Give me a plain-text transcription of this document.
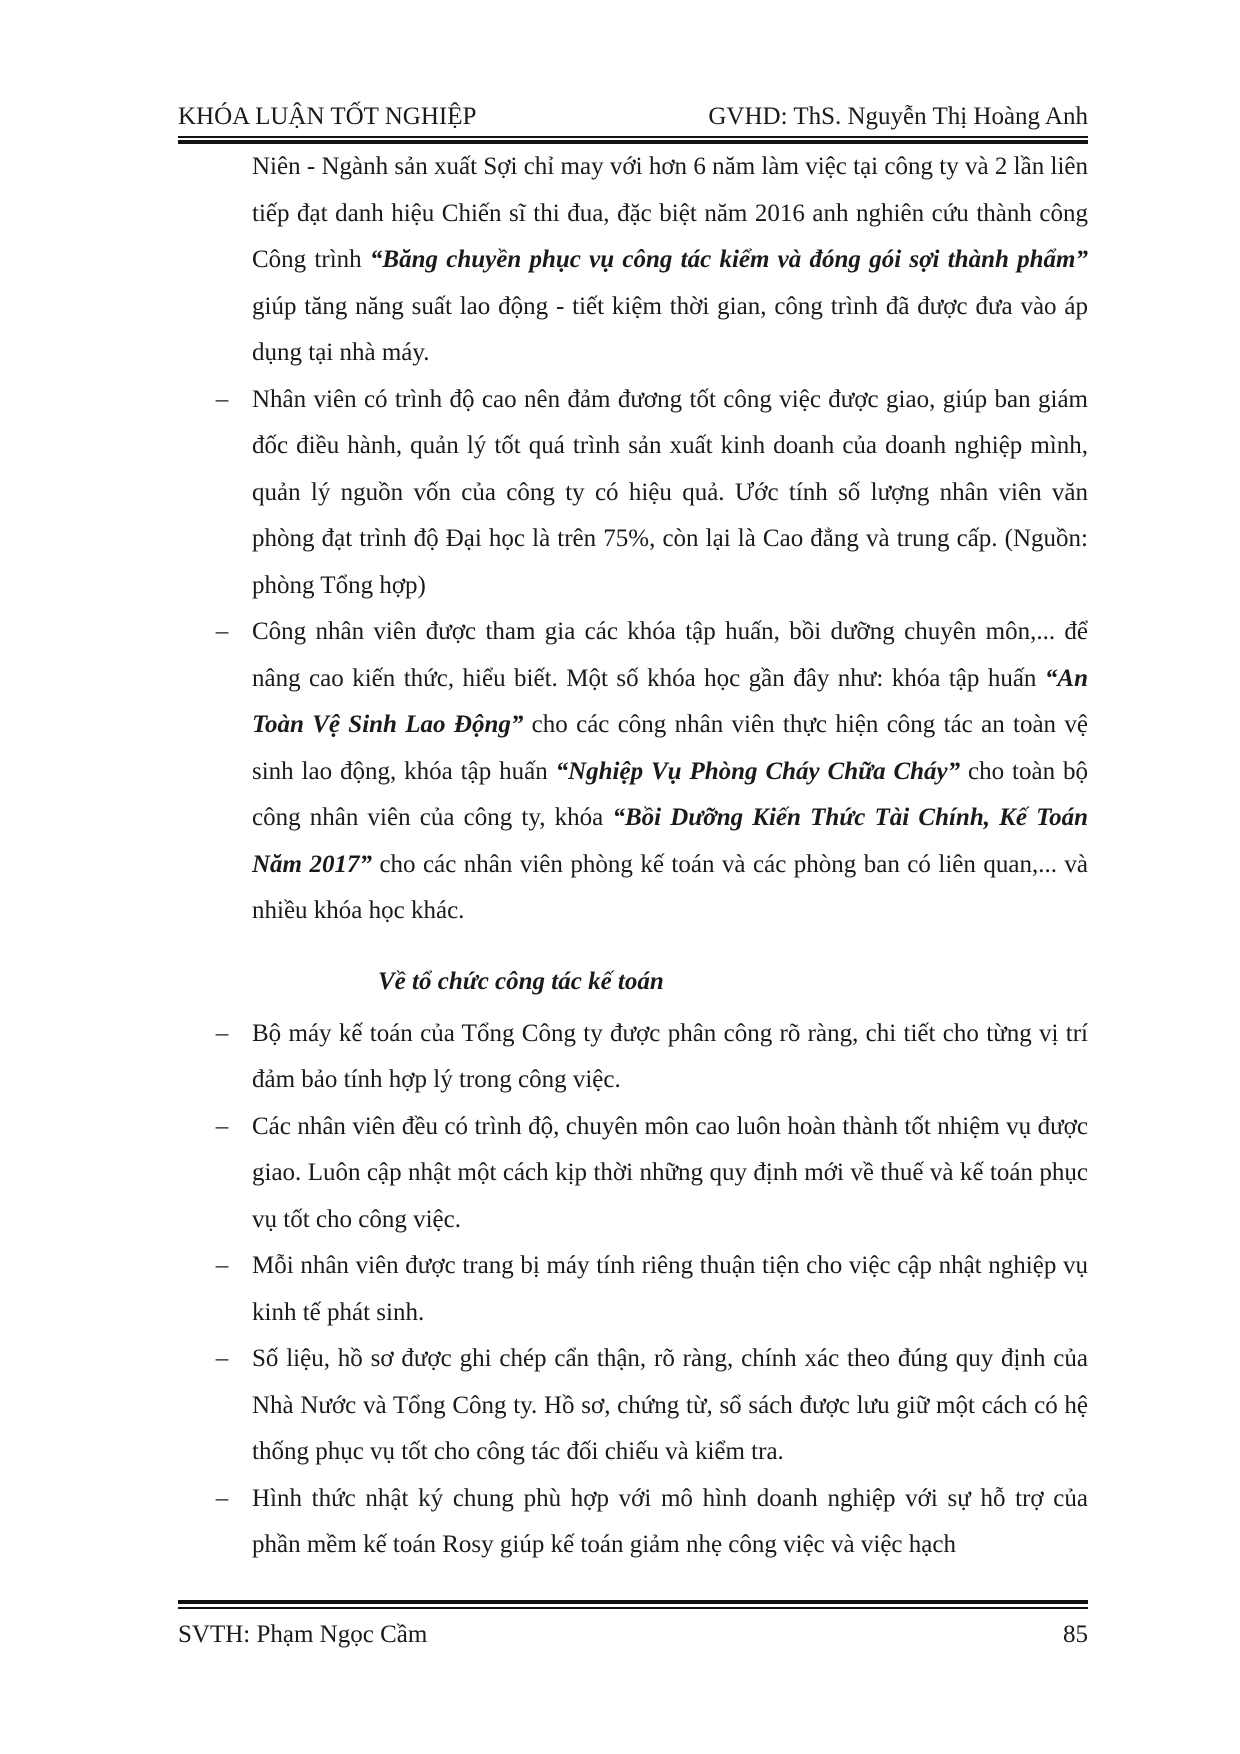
KHÓA LUẬN TỐT NGHIỆP	GVHD: ThS. Nguyễn Thị Hoàng Anh

Niên - Ngành sản xuất Sợi chỉ may với hơn 6 năm làm việc tại công ty và 2 lần liên tiếp đạt danh hiệu Chiến sĩ thi đua, đặc biệt năm 2016 anh nghiên cứu thành công Công trình “Băng chuyền phục vụ công tác kiểm và đóng gói sợi thành phẩm” giúp tăng năng suất lao động - tiết kiệm thời gian, công trình đã được đưa vào áp dụng tại nhà máy.

– Nhân viên có trình độ cao nên đảm đương tốt công việc được giao, giúp ban giám đốc điều hành, quản lý tốt quá trình sản xuất kinh doanh của doanh nghiệp mình, quản lý nguồn vốn của công ty có hiệu quả. Ước tính số lượng nhân viên văn phòng đạt trình độ Đại học là trên 75%, còn lại là Cao đẳng và trung cấp. (Nguồn: phòng Tổng hợp)

– Công nhân viên được tham gia các khóa tập huấn, bồi dưỡng chuyên môn,... để nâng cao kiến thức, hiểu biết. Một số khóa học gần đây như: khóa tập huấn “An Toàn Vệ Sinh Lao Động” cho các công nhân viên thực hiện công tác an toàn vệ sinh lao động, khóa tập huấn “Nghiệp Vụ Phòng Cháy Chữa Cháy” cho toàn bộ công nhân viên của công ty, khóa “Bồi Dưỡng Kiến Thức Tài Chính, Kế Toán Năm 2017” cho các nhân viên phòng kế toán và các phòng ban có liên quan,... và nhiều khóa học khác.

Về tổ chức công tác kế toán

– Bộ máy kế toán của Tổng Công ty được phân công rõ ràng, chi tiết cho từng vị trí đảm bảo tính hợp lý trong công việc.

– Các nhân viên đều có trình độ, chuyên môn cao luôn hoàn thành tốt nhiệm vụ được giao. Luôn cập nhật một cách kịp thời những quy định mới về thuế và kế toán phục vụ tốt cho công việc.

– Mỗi nhân viên được trang bị máy tính riêng thuận tiện cho việc cập nhật nghiệp vụ kinh tế phát sinh.

– Số liệu, hồ sơ được ghi chép cẩn thận, rõ ràng, chính xác theo đúng quy định của Nhà Nước và Tổng Công ty. Hồ sơ, chứng từ, sổ sách được lưu giữ một cách có hệ thống phục vụ tốt cho công tác đối chiếu và kiểm tra.

– Hình thức nhật ký chung phù hợp với mô hình doanh nghiệp với sự hỗ trợ của phần mềm kế toán Rosy giúp kế toán giảm nhẹ công việc và việc hạch

SVTH: Phạm Ngọc Cầm	85
